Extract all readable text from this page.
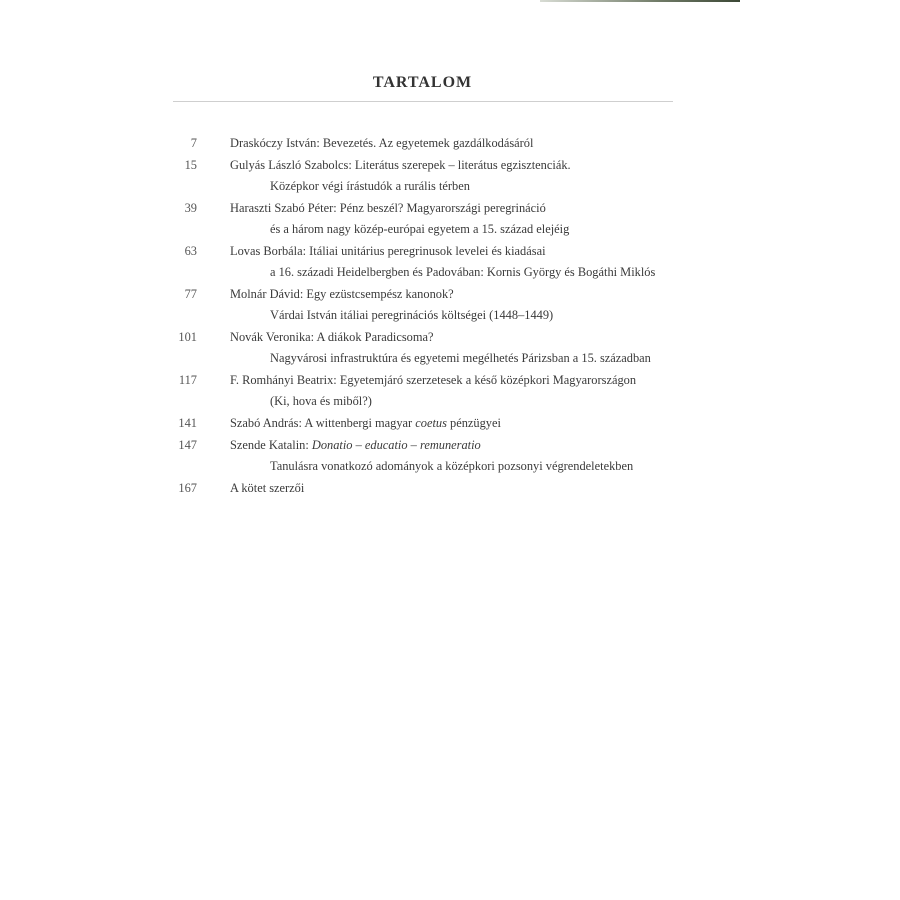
TARTALOM
7	Draskóczy István: Bevezetés. Az egyetemek gazdálkodásáról
15	Gulyás László Szabolcs: Literátus szerepek – literátus egzisztenciák.
Középkor végi írástudók a rurális térben
39	Haraszti Szabó Péter: Pénz beszél? Magyarországi peregrináció
és a három nagy közép-európai egyetem a 15. század elejéig
63	Lovas Borbála: Itáliai unitárius peregrinusok levelei és kiadásai
a 16. századi Heidelbergben és Padovában: Kornis György és Bogáthi Miklós
77	Molnár Dávid: Egy ezüstcsempész kanonok?
Várdai István itáliai peregrinációs költségei (1448–1449)
101	Novák Veronika: A diákok Paradicsoma?
Nagyvárosi infrastruktúra és egyetemi megélhetés Párizsban a 15. században
117	F. Romhányi Beatrix: Egyetemjáró szerzetesek a késő középkori Magyarországon
(Ki, hova és miből?)
141	Szabó András: A wittenbergi magyar coetus pénzügyei
147	Szende Katalin: Donatio – educatio – remuneratio
Tanulásra vonatkozó adományok a középkori pozsonyi végrendeletekben
167	A kötet szerzői
